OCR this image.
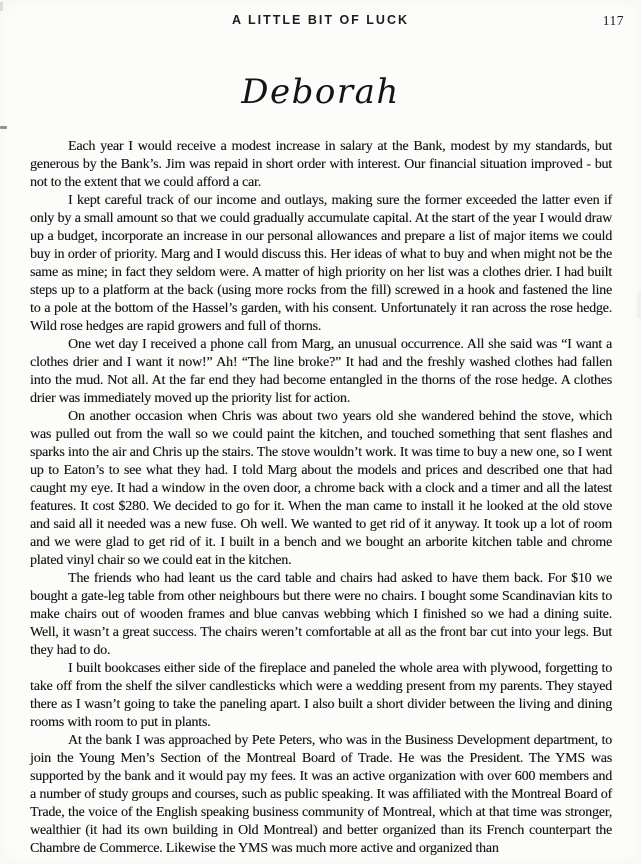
A LITTLE BIT OF LUCK	117
Deborah

Each year I would receive a modest increase in salary at the Bank, modest by my standards, but generous by the Bank’s. Jim was repaid in short order with interest. Our financial situation improved - but not to the extent that we could afford a car.

I kept careful track of our income and outlays, making sure the former exceeded the latter even if only by a small amount so that we could gradually accumulate capital. At the start of the year I would draw up a budget, incorporate an increase in our personal allowances and prepare a list of major items we could buy in order of priority. Marg and I would discuss this. Her ideas of what to buy and when might not be the same as mine; in fact they seldom were. A matter of high priority on her list was a clothes drier. I had built steps up to a platform at the back (using more rocks from the fill) screwed in a hook and fastened the line to a pole at the bottom of the Hassel’s garden, with his consent. Unfortunately it ran across the rose hedge. Wild rose hedges are rapid growers and full of thorns.

One wet day I received a phone call from Marg, an unusual occurrence. All she said was “I want a clothes drier and I want it now!” Ah! “The line broke?” It had and the freshly washed clothes had fallen into the mud. Not all. At the far end they had become entangled in the thorns of the rose hedge. A clothes drier was immediately moved up the priority list for action.

On another occasion when Chris was about two years old she wandered behind the stove, which was pulled out from the wall so we could paint the kitchen, and touched something that sent flashes and sparks into the air and Chris up the stairs. The stove wouldn’t work. It was time to buy a new one, so I went up to Eaton’s to see what they had. I told Marg about the models and prices and described one that had caught my eye. It had a window in the oven door, a chrome back with a clock and a timer and all the latest features. It cost $280. We decided to go for it. When the man came to install it he looked at the old stove and said all it needed was a new fuse. Oh well. We wanted to get rid of it anyway. It took up a lot of room and we were glad to get rid of it. I built in a bench and we bought an arborite kitchen table and chrome plated vinyl chair so we could eat in the kitchen.

The friends who had leant us the card table and chairs had asked to have them back. For $10 we bought a gate-leg table from other neighbours but there were no chairs. I bought some Scandinavian kits to make chairs out of wooden frames and blue canvas webbing which I finished so we had a dining suite. Well, it wasn’t a great success. The chairs weren’t comfortable at all as the front bar cut into your legs. But they had to do.

I built bookcases either side of the fireplace and paneled the whole area with plywood, forgetting to take off from the shelf the silver candlesticks which were a wedding present from my parents. They stayed there as I wasn’t going to take the paneling apart. I also built a short divider between the living and dining rooms with room to put in plants.

At the bank I was approached by Pete Peters, who was in the Business Development department, to join the Young Men’s Section of the Montreal Board of Trade. He was the President. The YMS was supported by the bank and it would pay my fees. It was an active organization with over 600 members and a number of study groups and courses, such as public speaking. It was affiliated with the Montreal Board of Trade, the voice of the English speaking business community of Montreal, which at that time was stronger, wealthier (it had its own building in Old Montreal) and better organized than its French counterpart the Chambre de Commerce. Likewise the YMS was much more active and organized than
